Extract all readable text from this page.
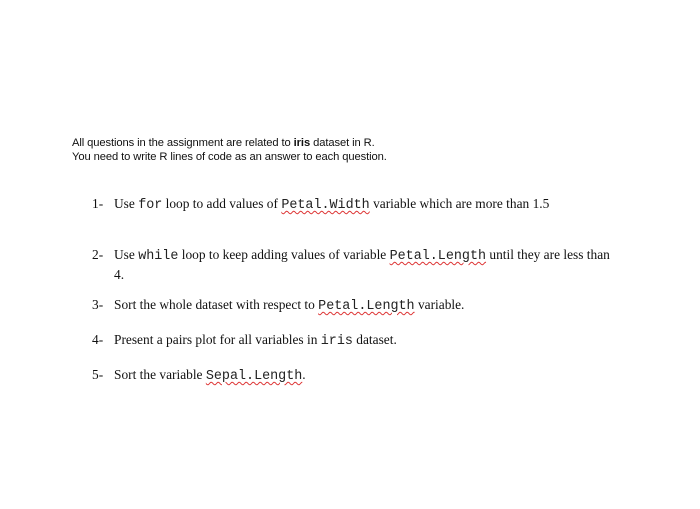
All questions in the assignment are related to iris dataset in R.

You need to write R lines of code as an answer to each question.

1- Use for loop to add values of Petal.Width variable which are more than 1.5
2- Use while loop to keep adding values of variable Petal.Length until they are less than 4.
3- Sort the whole dataset with respect to Petal.Length variable.
4- Present a pairs plot for all variables in iris dataset.
5- Sort the variable Sepal.Length.
